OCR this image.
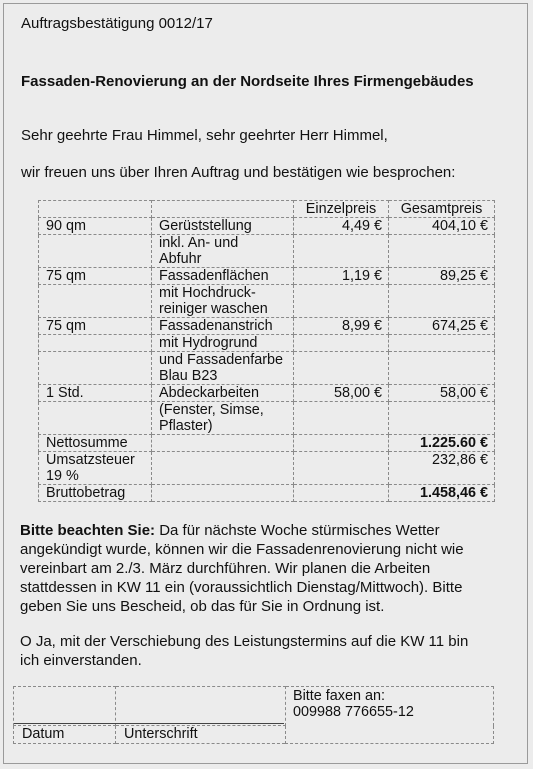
Auftragsbestätigung 0012/17
Fassaden-Renovierung an der Nordseite Ihres Firmengebäudes
Sehr geehrte Frau Himmel, sehr geehrter Herr Himmel,
wir freuen uns über Ihren Auftrag und bestätigen wie besprochen:
		Einzelpreis	Gesamtpreis
90 qm	Gerüststellung	4,49 €	404,10 €
	inkl. An- und
Abfuhr		
75 qm	Fassadenflächen	1,19 €	89,25 €
	mit Hochdruck-
reiniger waschen		
75 qm	Fassadenanstrich	8,99 €	674,25 €
	mit Hydrogrund		
	und Fassadenfarbe
Blau B23		
1 Std.	Abdeckarbeiten	58,00 €	58,00 €
	(Fenster, Simse,
Pflaster)		
Nettosumme			1.225.60 €
Umsatzsteuer
19 %			232,86 €
Bruttobetrag			1.458,46 €
Bitte beachten Sie: Da für nächste Woche stürmisches Wetter
angekündigt wurde, können wir die Fassadenrenovierung nicht wie
vereinbart am 2./3. März durchführen. Wir planen die Arbeiten
stattdessen in KW 11 ein (voraussichtlich Dienstag/Mittwoch). Bitte
geben Sie uns Bescheid, ob das für Sie in Ordnung ist.
O Ja, mit der Verschiebung des Leistungstermins auf die KW 11 bin
ich einverstanden.

		Bitte faxen an:
009988 776655-12

Datum	Unterschrift	
